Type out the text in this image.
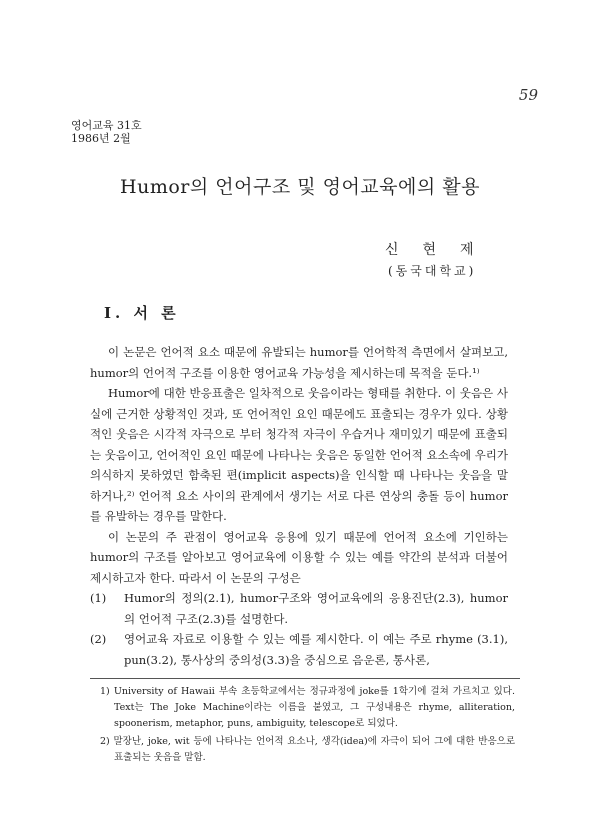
59
영어교육 31호
1986년 2월
Humor의 언어구조 및 영어교육에의 활용
신현제
(동국대학교)
Ⅰ. 서 론

이 논문은 언어적 요소 때문에 유발되는 humor를 언어학적 측면에서 살펴보고, humor의 언어적 구조를 이용한 영어교육 가능성을 제시하는데 목적을 둔다.¹⁾

Humor에 대한 반응표출은 일차적으로 웃음이라는 형태를 취한다. 이 웃음은 사실에 근거한 상황적인 것과, 또 언어적인 요인 때문에도 표출되는 경우가 있다. 상황적인 웃음은 시각적 자극으로 부터 청각적 자극이 우습거나 재미있기 때문에 표출되는 웃음이고, 언어적인 요인 때문에 나타나는 웃음은 동일한 언어적 요소속에 우리가 의식하지 못하였던 함축된 편(implicit aspects)을 인식할 때 나타나는 웃음을 말하거나,²⁾ 언어적 요소 사이의 관계에서 생기는 서로 다른 연상의 충돌 등이 humor를 유발하는 경우를 말한다.

이 논문의 주 관점이 영어교육 응용에 있기 때문에 언어적 요소에 기인하는 humor의 구조를 알아보고 영어교육에 이용할 수 있는 예를 약간의 분석과 더불어 제시하고자 한다. 따라서 이 논문의 구성은

(1) Humor의 정의(2.1), humor구조와 영어교육에의 응용진단(2.3), humor의 언어적 구조(2.3)를 설명한다.

(2) 영어교육 자료로 이용할 수 있는 예를 제시한다. 이 예는 주로 rhyme (3.1), pun(3.2), 통사상의 중의성(3.3)을 중심으로 음운론, 통사론,

1) University of Hawaii 부속 초등학교에서는 정규과정에 joke를 1학기에 걸쳐 가르치고 있다. Text는 The Joke Machine이라는 이름을 붙였고, 그 구성내용은 rhyme, alliteration, spoonerism, metaphor, puns, ambiguity, telescope로 되었다.

2) 말장난, joke, wit 등에 나타나는 언어적 요소나, 생각(idea)에 자극이 되어 그에 대한 반응으로 표출되는 웃음을 말함.
